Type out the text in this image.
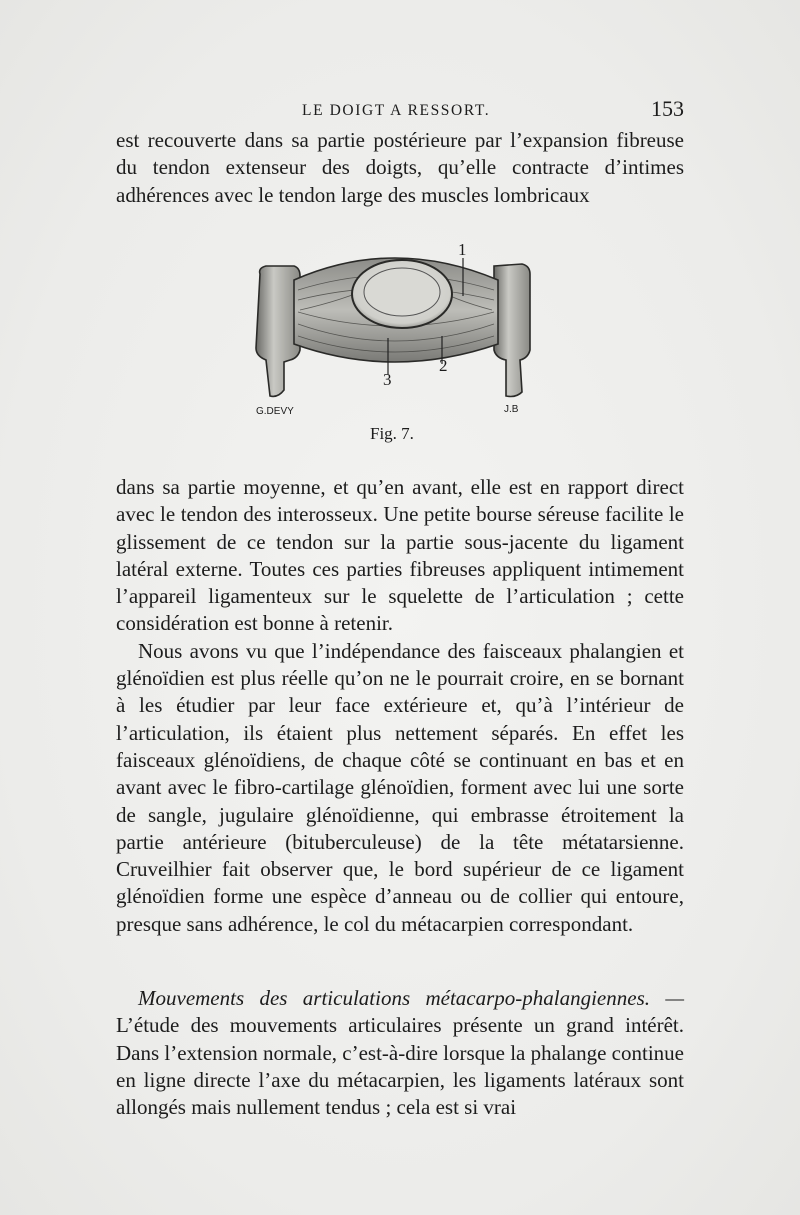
LE DOIGT A RESSORT.	153

est recouverte dans sa partie postérieure par l’expansion fibreuse du tendon extenseur des doigts, qu’elle contracte d’intimes adhérences avec le tendon large des muscles lombricaux

1
2
3
G.DEVY	J.B
Fig. 7.

dans sa partie moyenne, et qu’en avant, elle est en rapport direct avec le tendon des interosseux. Une petite bourse séreuse facilite le glissement de ce tendon sur la partie sous-jacente du ligament latéral externe. Toutes ces parties fibreuses appliquent intimement l’appareil ligamenteux sur le squelette de l’articulation ; cette considération est bonne à retenir.

Nous avons vu que l’indépendance des faisceaux phalangien et glénoïdien est plus réelle qu’on ne le pourrait croire, en se bornant à les étudier par leur face extérieure et, qu’à l’intérieur de l’articulation, ils étaient plus nettement séparés. En effet les faisceaux glénoïdiens, de chaque côté se continuant en bas et en avant avec le fibro-cartilage glénoïdien, forment avec lui une sorte de sangle, jugulaire glénoïdienne, qui embrasse étroitement la partie antérieure (bituberculeuse) de la tête métatarsienne. Cruveilhier fait observer que, le bord supérieur de ce ligament glénoïdien forme une espèce d’anneau ou de collier qui entoure, presque sans adhérence, le col du métacarpien correspondant.

Mouvements des articulations métacarpo-phalangiennes. — L’étude des mouvements articulaires présente un grand intérêt. Dans l’extension normale, c’est-à-dire lorsque la phalange continue en ligne directe l’axe du métacarpien, les ligaments latéraux sont allongés mais nullement tendus ; cela est si vrai
